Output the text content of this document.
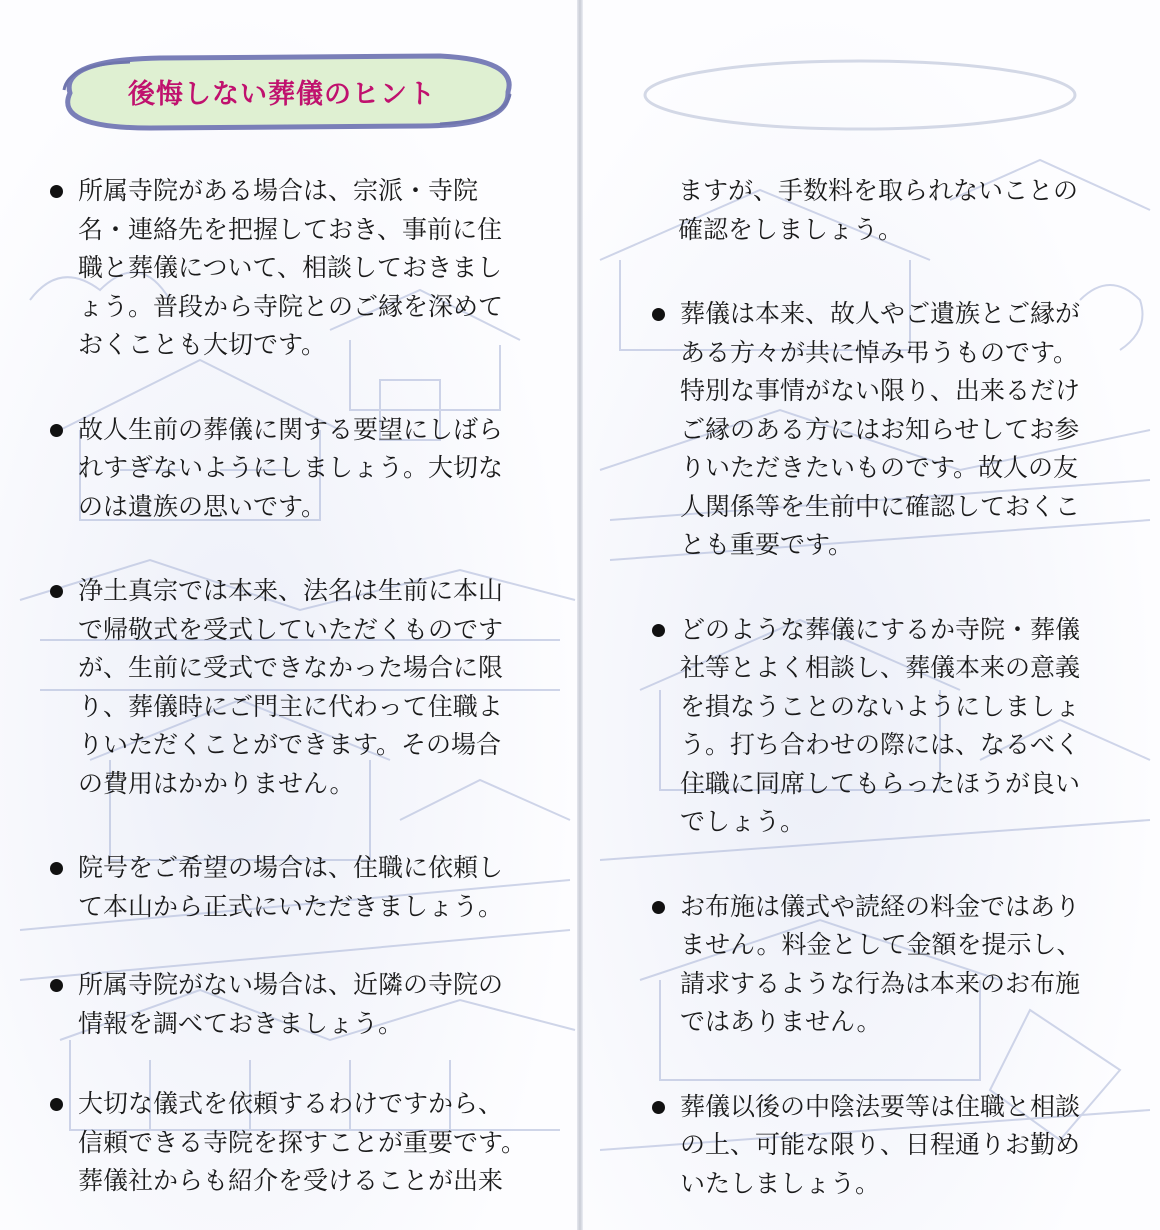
後悔しない葬儀のヒント

所属寺院がある場合は、宗派・寺院

名・連絡先を把握しておき、事前に住

職と葬儀について、相談しておきまし

ょう。普段から寺院とのご縁を深めて

おくことも大切です。

故人生前の葬儀に関する要望にしばら

れすぎないようにしましょう。大切な

のは遺族の思いです。

浄土真宗では本来、法名は生前に本山

で帰敬式を受式していただくものです

が、生前に受式できなかった場合に限

り、葬儀時にご門主に代わって住職よ

りいただくことができます。その場合

の費用はかかりません。

院号をご希望の場合は、住職に依頼し

て本山から正式にいただきましょう。

所属寺院がない場合は、近隣の寺院の

情報を調べておきましょう。

大切な儀式を依頼するわけですから、

信頼できる寺院を探すことが重要です。

葬儀社からも紹介を受けることが出来

ますが、手数料を取られないことの

確認をしましょう。

葬儀は本来、故人やご遺族とご縁が

ある方々が共に悼み弔うものです。

特別な事情がない限り、出来るだけ

ご縁のある方にはお知らせしてお参

りいただきたいものです。故人の友

人関係等を生前中に確認しておくこ

とも重要です。

どのような葬儀にするか寺院・葬儀

社等とよく相談し、葬儀本来の意義

を損なうことのないようにしましょ

う。打ち合わせの際には、なるべく

住職に同席してもらったほうが良い

でしょう。

お布施は儀式や読経の料金ではあり

ません。料金として金額を提示し、

請求するような行為は本来のお布施

ではありません。

葬儀以後の中陰法要等は住職と相談

の上、可能な限り、日程通りお勤め

いたしましょう。
